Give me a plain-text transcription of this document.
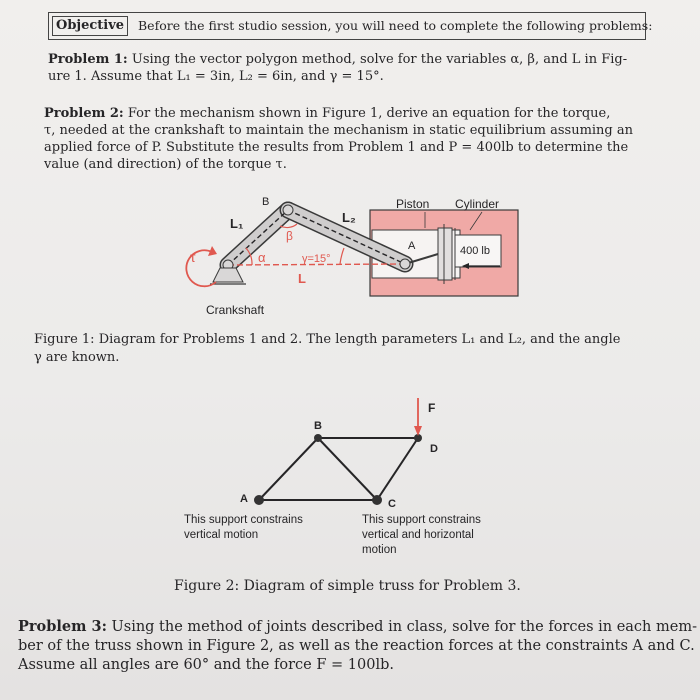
Objective	Before the first studio session, you will need to complete the following problems:
Problem 1: Using the vector polygon method, solve for the variables α, β, and L in Fig-
ure 1. Assume that L₁ = 3in, L₂ = 6in, and γ = 15°.
Problem 2: For the mechanism shown in Figure 1, derive an equation for the torque,
τ, needed at the crankshaft to maintain the mechanism in static equilibrium assuming an
applied force of P. Substitute the results from Problem 1 and P = 400lb to determine the
value (and direction) of the torque τ.
400 lb
Piston Cylinder
B
L₁	L₂
A
τ	α
β
γ=15°
L
Crankshaft
Figure 1: Diagram for Problems 1 and 2. The length parameters L₁ and L₂, and the angle
γ are known.
F
B
D
A	C
This support constrains
vertical motion
This support constrains
vertical and horizontal
motion
Figure 2: Diagram of simple truss for Problem 3.
Problem 3: Using the method of joints described in class, solve for the forces in each mem-
ber of the truss shown in Figure 2, as well as the reaction forces at the constraints A and C.
Assume all angles are 60° and the force F = 100lb.
